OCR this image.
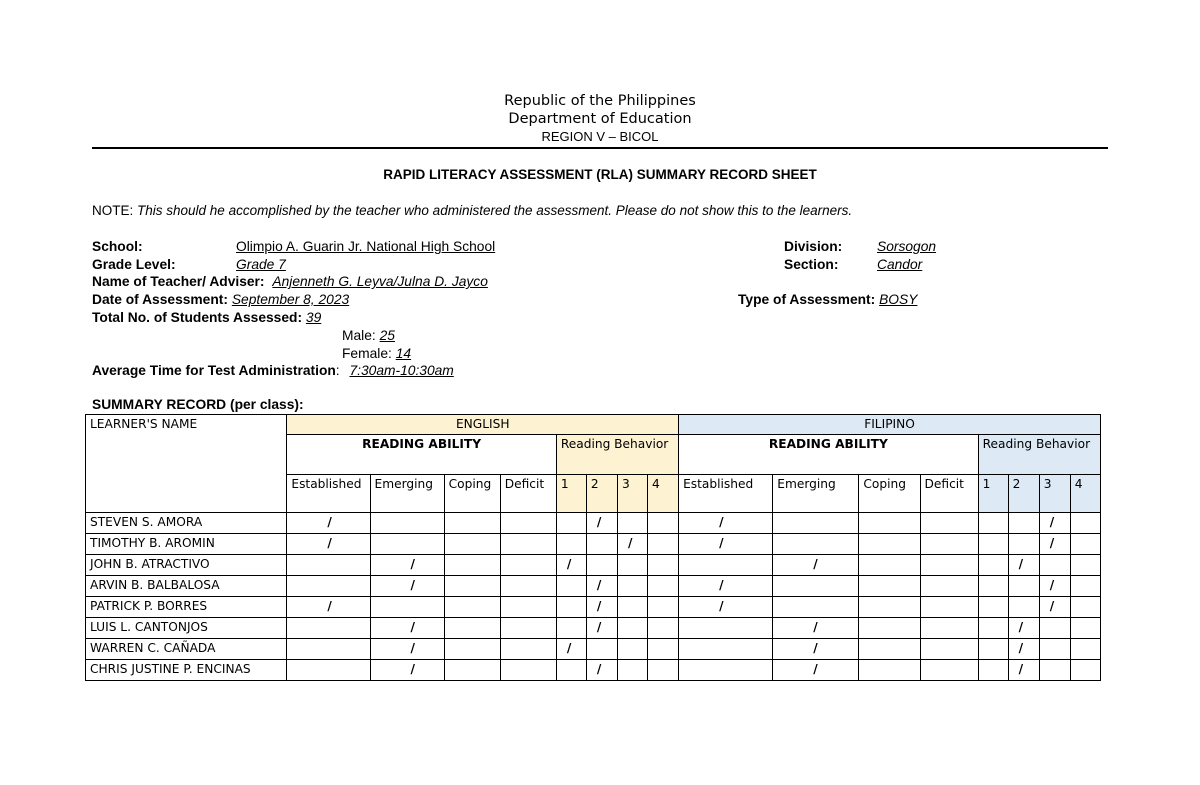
Republic of the Philippines
Department of Education
REGION V – BICOL
RAPID LITERACY ASSESSMENT (RLA) SUMMARY RECORD SHEET
NOTE: This should he accomplished by the teacher who administered the assessment. Please do not show this to the learners.
School:	Olimpio A. Guarin Jr. National High School	Division:	Sorsogon
Grade Level:	Grade 7	Section:	Candor
Name of Teacher/ Adviser: Anjenneth G. Leyva/Julna D. Jayco
Date of Assessment: September 8, 2023	Type of Assessment: BOSY
Total No. of Students Assessed: 39
Male: 25
Female: 14
Average Time for Test Administration: 7:30am-10:30am
SUMMARY RECORD (per class):
LEARNER'S NAME	ENGLISH								FILIPINO							
	READING ABILITY				Reading Behavior				READING ABILITY				Reading Behavior			
	Established	Emerging	Coping	Deficit	1	2	3	4	Established	Emerging	Coping	Deficit	1	2	3	4
STEVEN S. AMORA	/					/			/						/	
TIMOTHY B. AROMIN	/						/		/						/	
JOHN B. ATRACTIVO		/			/					/				/		
ARVIN B. BALBALOSA		/				/			/						/	
PATRICK P. BORRES	/					/			/						/	
LUIS L. CANTONJOS		/				/				/				/		
WARREN C. CAÑADA		/			/					/				/		
CHRIS JUSTINE P. ENCINAS		/				/				/				/		
